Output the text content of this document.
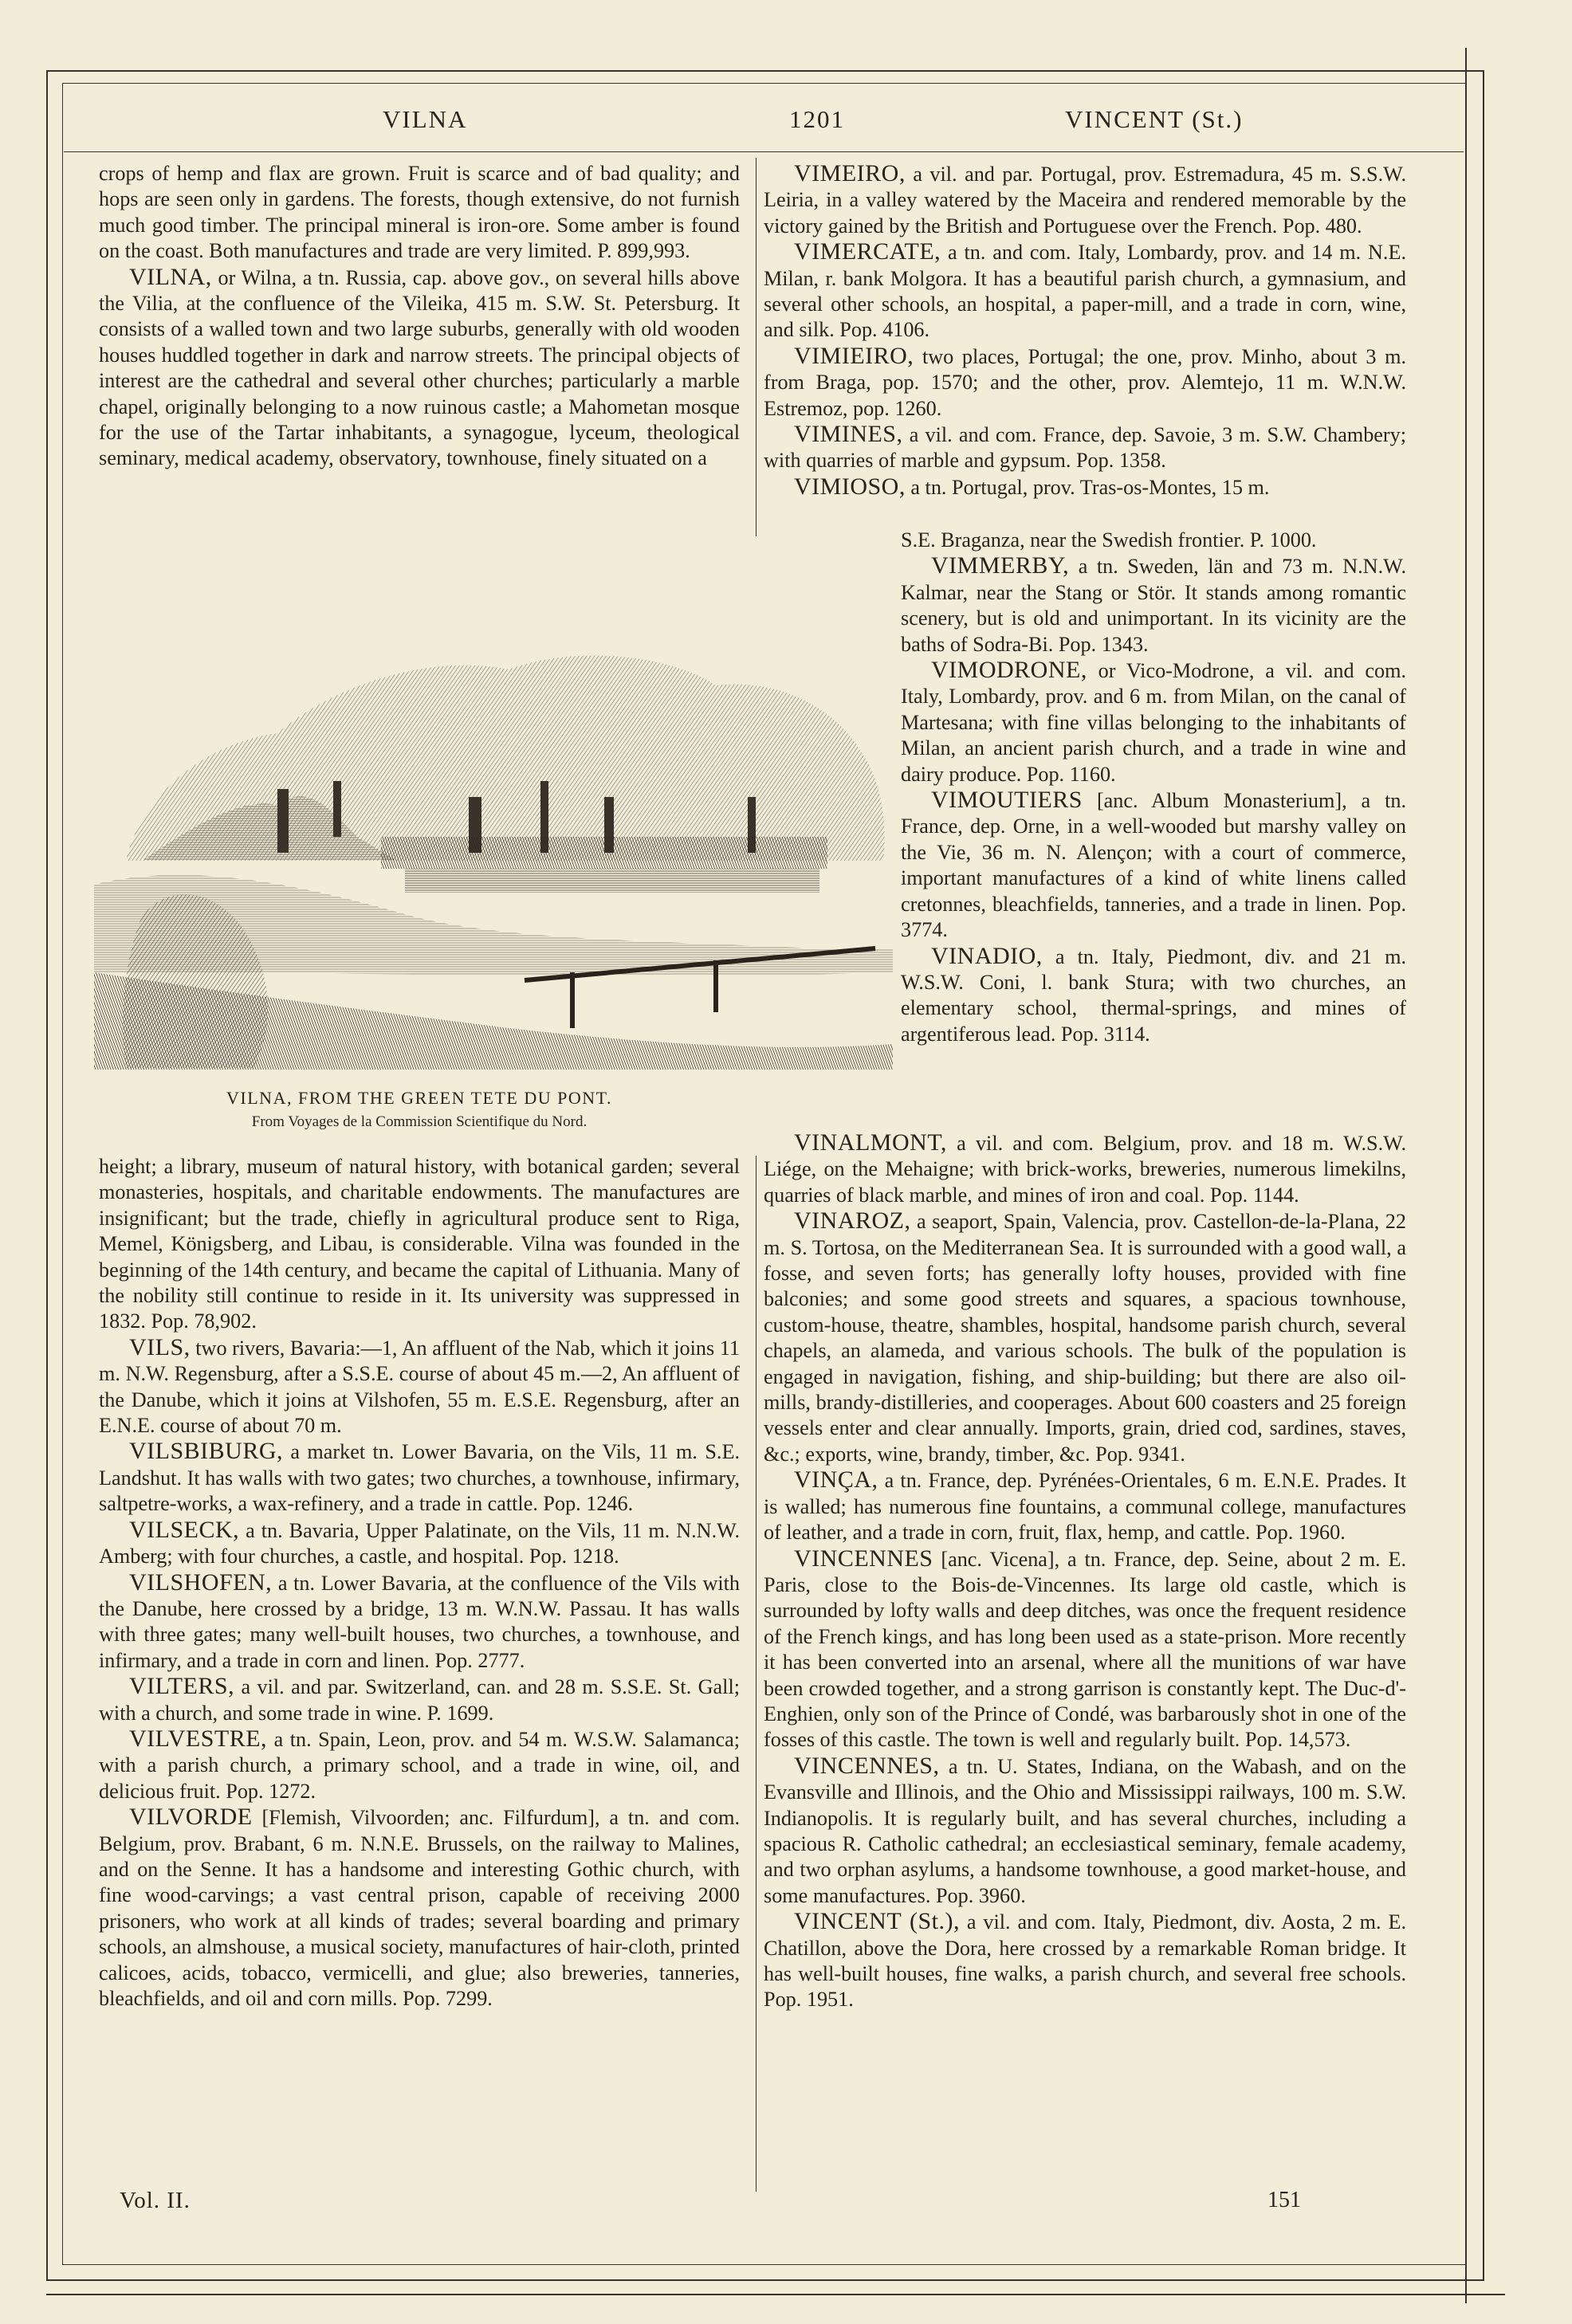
VILNA	1201	VINCENT (St.)

crops of hemp and flax are grown. Fruit is scarce and of bad quality; and hops are seen only in gardens. The forests, though extensive, do not furnish much good timber. The principal mineral is iron-ore. Some amber is found on the coast. Both manufactures and trade are very limited. P. 899,993.

VILNA, or Wilna, a tn. Russia, cap. above gov., on several hills above the Vilia, at the confluence of the Vileika, 415 m. S.W. St. Petersburg. It consists of a walled town and two large suburbs, generally with old wooden houses huddled together in dark and narrow streets. The principal objects of interest are the cathedral and several other churches; particularly a marble chapel, originally belonging to a now ruinous castle; a Mahometan mosque for the use of the Tartar inhabitants, a synagogue, lyceum, theological seminary, medical academy, observatory, townhouse, finely situated on a

VILNA, FROM THE GREEN TETE DU PONT.
From Voyages de la Commission Scientifique du Nord.

height; a library, museum of natural history, with botanical garden; several monasteries, hospitals, and charitable endowments. The manufactures are insignificant; but the trade, chiefly in agricultural produce sent to Riga, Memel, Königsberg, and Libau, is considerable. Vilna was founded in the beginning of the 14th century, and became the capital of Lithuania. Many of the nobility still continue to reside in it. Its university was suppressed in 1832. Pop. 78,902.

VILS, two rivers, Bavaria:—1, An affluent of the Nab, which it joins 11 m. N.W. Regensburg, after a S.S.E. course of about 45 m.—2, An affluent of the Danube, which it joins at Vilshofen, 55 m. E.S.E. Regensburg, after an E.N.E. course of about 70 m.

VILSBIBURG, a market tn. Lower Bavaria, on the Vils, 11 m. S.E. Landshut. It has walls with two gates; two churches, a townhouse, infirmary, saltpetre-works, a wax-refinery, and a trade in cattle. Pop. 1246.

VILSECK, a tn. Bavaria, Upper Palatinate, on the Vils, 11 m. N.N.W. Amberg; with four churches, a castle, and hospital. Pop. 1218.

VILSHOFEN, a tn. Lower Bavaria, at the confluence of the Vils with the Danube, here crossed by a bridge, 13 m. W.N.W. Passau. It has walls with three gates; many well-built houses, two churches, a townhouse, and infirmary, and a trade in corn and linen. Pop. 2777.

VILTERS, a vil. and par. Switzerland, can. and 28 m. S.S.E. St. Gall; with a church, and some trade in wine. P. 1699.

VILVESTRE, a tn. Spain, Leon, prov. and 54 m. W.S.W. Salamanca; with a parish church, a primary school, and a trade in wine, oil, and delicious fruit. Pop. 1272.

VILVORDE [Flemish, Vilvoorden; anc. Filfurdum], a tn. and com. Belgium, prov. Brabant, 6 m. N.N.E. Brussels, on the railway to Malines, and on the Senne. It has a handsome and interesting Gothic church, with fine wood-carvings; a vast central prison, capable of receiving 2000 prisoners, who work at all kinds of trades; several boarding and primary schools, an almshouse, a musical society, manufactures of hair-cloth, printed calicoes, acids, tobacco, vermicelli, and glue; also breweries, tanneries, bleachfields, and oil and corn mills. Pop. 7299.

VIMEIRO, a vil. and par. Portugal, prov. Estremadura, 45 m. S.S.W. Leiria, in a valley watered by the Maceira and rendered memorable by the victory gained by the British and Portuguese over the French. Pop. 480.

VIMERCATE, a tn. and com. Italy, Lombardy, prov. and 14 m. N.E. Milan, r. bank Molgora. It has a beautiful parish church, a gymnasium, and several other schools, an hospital, a paper-mill, and a trade in corn, wine, and silk. Pop. 4106.

VIMIEIRO, two places, Portugal; the one, prov. Minho, about 3 m. from Braga, pop. 1570; and the other, prov. Alemtejo, 11 m. W.N.W. Estremoz, pop. 1260.

VIMINES, a vil. and com. France, dep. Savoie, 3 m. S.W. Chambery; with quarries of marble and gypsum. Pop. 1358.

VIMIOSO, a tn. Portugal, prov. Tras-os-Montes, 15 m.

S.E. Braganza, near the Swedish frontier. P. 1000.

VIMMERBY, a tn. Sweden, län and 73 m. N.N.W. Kalmar, near the Stang or Stör. It stands among romantic scenery, but is old and unimportant. In its vicinity are the baths of Sodra-Bi. Pop. 1343.

VIMODRONE, or Vico-Modrone, a vil. and com. Italy, Lombardy, prov. and 6 m. from Milan, on the canal of Martesana; with fine villas belonging to the inhabitants of Milan, an ancient parish church, and a trade in wine and dairy produce. Pop. 1160.

VIMOUTIERS [anc. Album Monasterium], a tn. France, dep. Orne, in a well-wooded but marshy valley on the Vie, 36 m. N. Alençon; with a court of commerce, important manufactures of a kind of white linens called cretonnes, bleachfields, tanneries, and a trade in linen. Pop. 3774.

VINADIO, a tn. Italy, Piedmont, div. and 21 m. W.S.W. Coni, l. bank Stura; with two churches, an elementary school, thermal-springs, and mines of argentiferous lead. Pop. 3114.

VINALMONT, a vil. and com. Belgium, prov. and 18 m. W.S.W. Liége, on the Mehaigne; with brick-works, breweries, numerous limekilns, quarries of black marble, and mines of iron and coal. Pop. 1144.

VINAROZ, a seaport, Spain, Valencia, prov. Castellon-de-la-Plana, 22 m. S. Tortosa, on the Mediterranean Sea. It is surrounded with a good wall, a fosse, and seven forts; has generally lofty houses, provided with fine balconies; and some good streets and squares, a spacious townhouse, custom-house, theatre, shambles, hospital, handsome parish church, several chapels, an alameda, and various schools. The bulk of the population is engaged in navigation, fishing, and ship-building; but there are also oil-mills, brandy-distilleries, and cooperages. About 600 coasters and 25 foreign vessels enter and clear annually. Imports, grain, dried cod, sardines, staves, &c.; exports, wine, brandy, timber, &c. Pop. 9341.

VINÇA, a tn. France, dep. Pyrénées-Orientales, 6 m. E.N.E. Prades. It is walled; has numerous fine fountains, a communal college, manufactures of leather, and a trade in corn, fruit, flax, hemp, and cattle. Pop. 1960.

VINCENNES [anc. Vicena], a tn. France, dep. Seine, about 2 m. E. Paris, close to the Bois-de-Vincennes. Its large old castle, which is surrounded by lofty walls and deep ditches, was once the frequent residence of the French kings, and has long been used as a state-prison. More recently it has been converted into an arsenal, where all the munitions of war have been crowded together, and a strong garrison is constantly kept. The Duc-d'-Enghien, only son of the Prince of Condé, was barbarously shot in one of the fosses of this castle. The town is well and regularly built. Pop. 14,573.

VINCENNES, a tn. U. States, Indiana, on the Wabash, and on the Evansville and Illinois, and the Ohio and Mississippi railways, 100 m. S.W. Indianopolis. It is regularly built, and has several churches, including a spacious R. Catholic cathedral; an ecclesiastical seminary, female academy, and two orphan asylums, a handsome townhouse, a good market-house, and some manufactures. Pop. 3960.

VINCENT (St.), a vil. and com. Italy, Piedmont, div. Aosta, 2 m. E. Chatillon, above the Dora, here crossed by a remarkable Roman bridge. It has well-built houses, fine walks, a parish church, and several free schools. Pop. 1951.

Vol. II.	151
